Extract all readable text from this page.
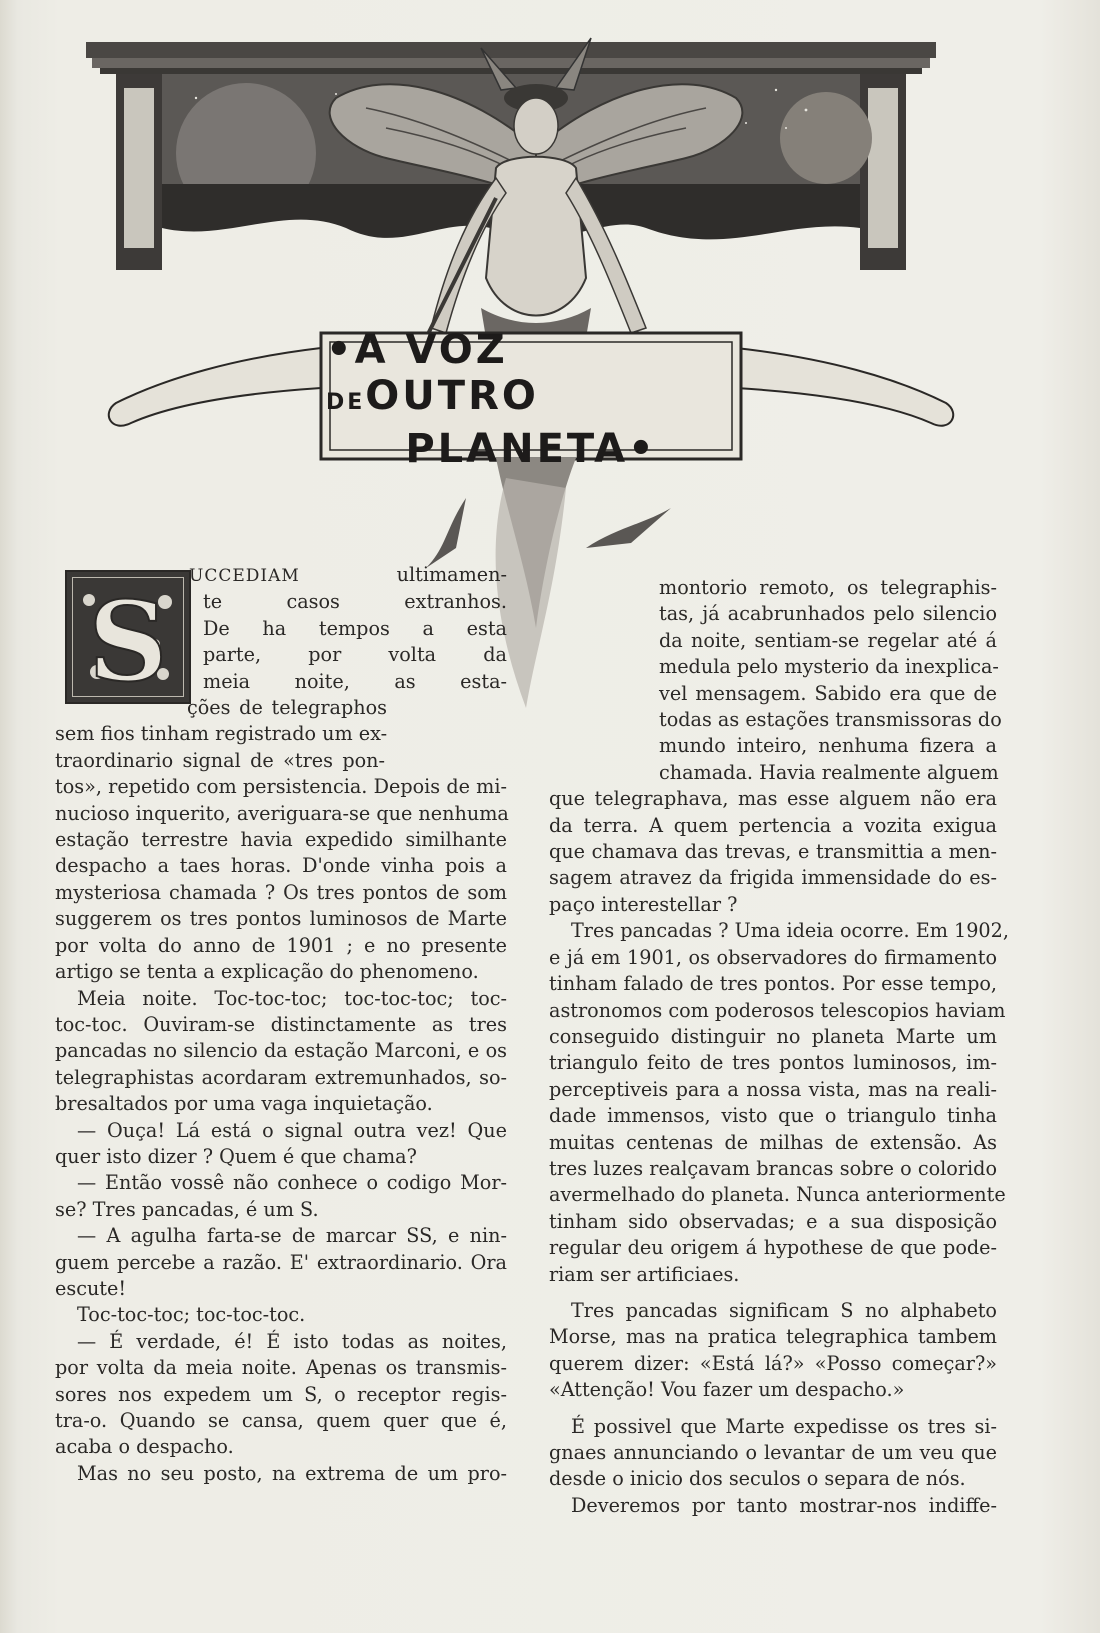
•A VOZ DEOUTRO
PLANETA•
S
UCCEDIAM ultimamen-
te casos extranhos.
De ha tempos a esta
parte, por volta da
meia noite, as esta-
ções de telegraphos
sem fios tinham registrado um ex-
traordinario signal de «tres pon-
tos», repetido com persistencia. Depois de mi-
nucioso inquerito, averiguara-se que nenhuma
estação terrestre havia expedido similhante
despacho a taes horas. D'onde vinha pois a
mysteriosa chamada ? Os tres pontos de som
suggerem os tres pontos luminosos de Marte
por volta do anno de 1901 ; e no presente
artigo se tenta a explicação do phenomeno.
Meia noite. Toc-toc-toc; toc-toc-toc; toc-
toc-toc. Ouviram-se distinctamente as tres
pancadas no silencio da estação Marconi, e os
telegraphistas acordaram extremunhados, so-
bresaltados por uma vaga inquietação.
— Ouça! Lá está o signal outra vez! Que
quer isto dizer ? Quem é que chama?
— Então vossê não conhece o codigo Mor-
se? Tres pancadas, é um S.
— A agulha farta-se de marcar SS, e nin-
guem percebe a razão. E' extraordinario. Ora
escute!
Toc-toc-toc; toc-toc-toc.
— É verdade, é! É isto todas as noites,
por volta da meia noite. Apenas os transmis-
sores nos expedem um S, o receptor regis-
tra-o. Quando se cansa, quem quer que é,
acaba o despacho.
Mas no seu posto, na extrema de um pro-
montorio remoto, os telegraphis-
tas, já acabrunhados pelo silencio
da noite, sentiam-se regelar até á
medula pelo mysterio da inexplica-
vel mensagem. Sabido era que de
todas as estações transmissoras do
mundo inteiro, nenhuma fizera a
chamada. Havia realmente alguem
que telegraphava, mas esse alguem não era
da terra. A quem pertencia a vozita exigua
que chamava das trevas, e transmittia a men-
sagem atravez da frigida immensidade do es-
paço interestellar ?
Tres pancadas ? Uma ideia ocorre. Em 1902,
e já em 1901, os observadores do firmamento
tinham falado de tres pontos. Por esse tempo,
astronomos com poderosos telescopios haviam
conseguido distinguir no planeta Marte um
triangulo feito de tres pontos luminosos, im-
perceptiveis para a nossa vista, mas na reali-
dade immensos, visto que o triangulo tinha
muitas centenas de milhas de extensão. As
tres luzes realçavam brancas sobre o colorido
avermelhado do planeta. Nunca anteriormente
tinham sido observadas; e a sua disposição
regular deu origem á hypothese de que pode-
riam ser artificiaes.
Tres pancadas significam S no alphabeto
Morse, mas na pratica telegraphica tambem
querem dizer: «Está lá?» «Posso começar?»
«Attenção! Vou fazer um despacho.»
É possivel que Marte expedisse os tres si-
gnaes annunciando o levantar de um veu que
desde o inicio dos seculos o separa de nós.
Deveremos por tanto mostrar-nos indiffe-
